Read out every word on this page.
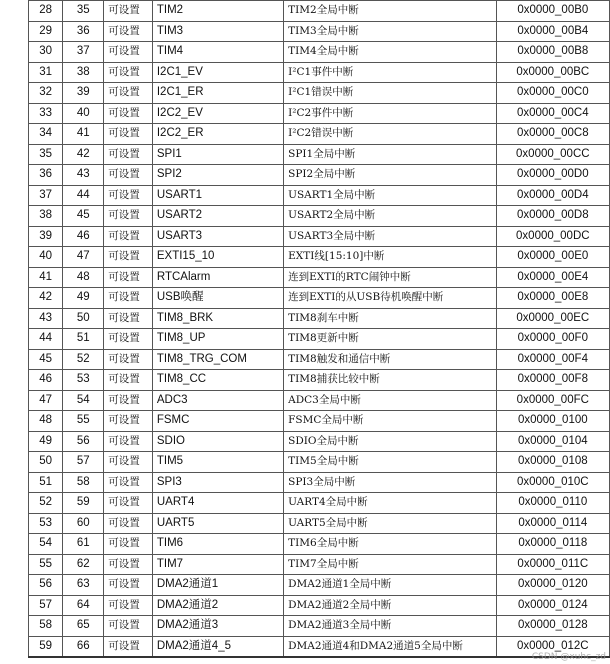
28	35	可设置	TIM2	TIM2全局中断	0x0000_00B0
29	36	可设置	TIM3	TIM3全局中断	0x0000_00B4
30	37	可设置	TIM4	TIM4全局中断	0x0000_00B8
31	38	可设置	I2C1_EV	I²C1事件中断	0x0000_00BC
32	39	可设置	I2C1_ER	I²C1错误中断	0x0000_00C0
33	40	可设置	I2C2_EV	I²C2事件中断	0x0000_00C4
34	41	可设置	I2C2_ER	I²C2错误中断	0x0000_00C8
35	42	可设置	SPI1	SPI1全局中断	0x0000_00CC
36	43	可设置	SPI2	SPI2全局中断	0x0000_00D0
37	44	可设置	USART1	USART1全局中断	0x0000_00D4
38	45	可设置	USART2	USART2全局中断	0x0000_00D8
39	46	可设置	USART3	USART3全局中断	0x0000_00DC
40	47	可设置	EXTI15_10	EXTI线[15:10]中断	0x0000_00E0
41	48	可设置	RTCAlarm	连到EXTI的RTC闹钟中断	0x0000_00E4
42	49	可设置	USB唤醒	连到EXTI的从USB待机唤醒中断	0x0000_00E8
43	50	可设置	TIM8_BRK	TIM8刹车中断	0x0000_00EC
44	51	可设置	TIM8_UP	TIM8更新中断	0x0000_00F0
45	52	可设置	TIM8_TRG_COM	TIM8触发和通信中断	0x0000_00F4
46	53	可设置	TIM8_CC	TIM8捕获比较中断	0x0000_00F8
47	54	可设置	ADC3	ADC3全局中断	0x0000_00FC
48	55	可设置	FSMC	FSMC全局中断	0x0000_0100
49	56	可设置	SDIO	SDIO全局中断	0x0000_0104
50	57	可设置	TIM5	TIM5全局中断	0x0000_0108
51	58	可设置	SPI3	SPI3全局中断	0x0000_010C
52	59	可设置	UART4	UART4全局中断	0x0000_0110
53	60	可设置	UART5	UART5全局中断	0x0000_0114
54	61	可设置	TIM6	TIM6全局中断	0x0000_0118
55	62	可设置	TIM7	TIM7全局中断	0x0000_011C
56	63	可设置	DMA2通道1	DMA2通道1全局中断	0x0000_0120
57	64	可设置	DMA2通道2	DMA2通道2全局中断	0x0000_0124
58	65	可设置	DMA2通道3	DMA2通道3全局中断	0x0000_0128
59	66	可设置	DMA2通道4_5	DMA2通道4和DMA2通道5全局中断	0x0000_012C
CSDN @xuhc_zd
